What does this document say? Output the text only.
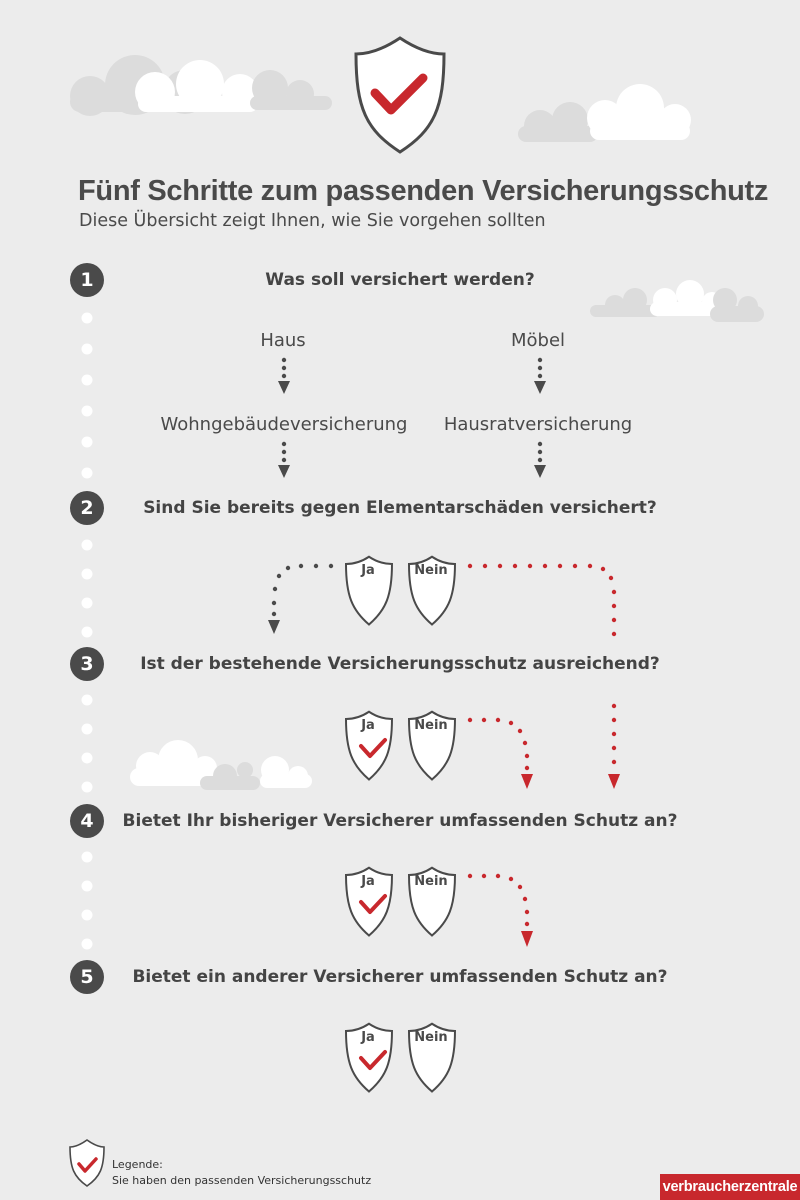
Fünf Schritte zum passenden Versicherungsschutz
Diese Übersicht zeigt Ihnen, wie Sie vorgehen sollten
1
2
3
4
5
Was soll versichert werden?
Sind Sie bereits gegen Elementarschäden versichert?
Ist der bestehende Versicherungsschutz ausreichend?
Bietet Ihr bisheriger Versicherer umfassenden Schutz an?
Bietet ein anderer Versicherer umfassenden Schutz an?
Haus	Möbel
Wohngebäudeversicherung	Hausratversicherung
Ja	Nein
Ja	Nein
Ja	Nein
Ja	Nein
Legende:
Sie haben den passenden Versicherungsschutz	verbraucherzentrale
